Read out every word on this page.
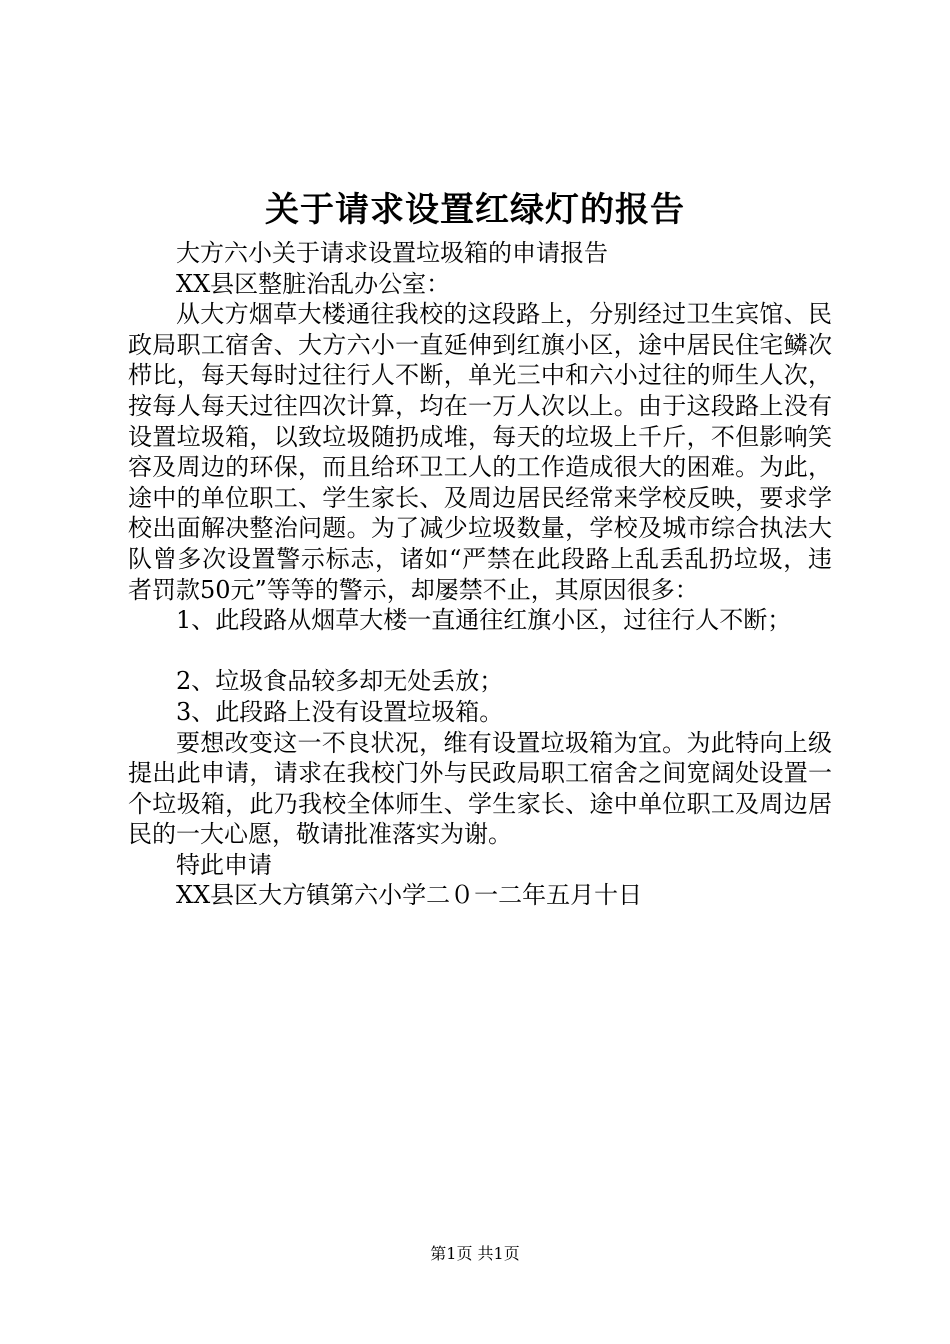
关于请求设置红绿灯的报告

大方六小关于请求设置垃圾箱的申请报告

XX县区整脏治乱办公室：

从大方烟草大楼通往我校的这段路上，分别经过卫生宾馆、民政局职工宿舍、大方六小一直延伸到红旗小区，途中居民住宅鳞次栉比，每天每时过往行人不断，单光三中和六小过往的师生人次，按每人每天过往四次计算，均在一万人次以上。由于这段路上没有设置垃圾箱，以致垃圾随扔成堆，每天的垃圾上千斤，不但影响笑容及周边的环保，而且给环卫工人的工作造成很大的困难。为此，途中的单位职工、学生家长、及周边居民经常来学校反映，要求学校出面解决整治问题。为了减少垃圾数量，学校及城市综合执法大队曾多次设置警示标志，诸如“严禁在此段路上乱丢乱扔垃圾，违者罚款50元”等等的警示，却屡禁不止，其原因很多：

1、此段路从烟草大楼一直通往红旗小区，过往行人不断；

2、垃圾食品较多却无处丢放；

3、此段路上没有设置垃圾箱。

要想改变这一不良状况，维有设置垃圾箱为宜。为此特向上级提出此申请，请求在我校门外与民政局职工宿舍之间宽阔处设置一个垃圾箱，此乃我校全体师生、学生家长、途中单位职工及周边居民的一大心愿，敬请批准落实为谢。

特此申请

XX县区大方镇第六小学二０一二年五月十日

第1页 共1页
